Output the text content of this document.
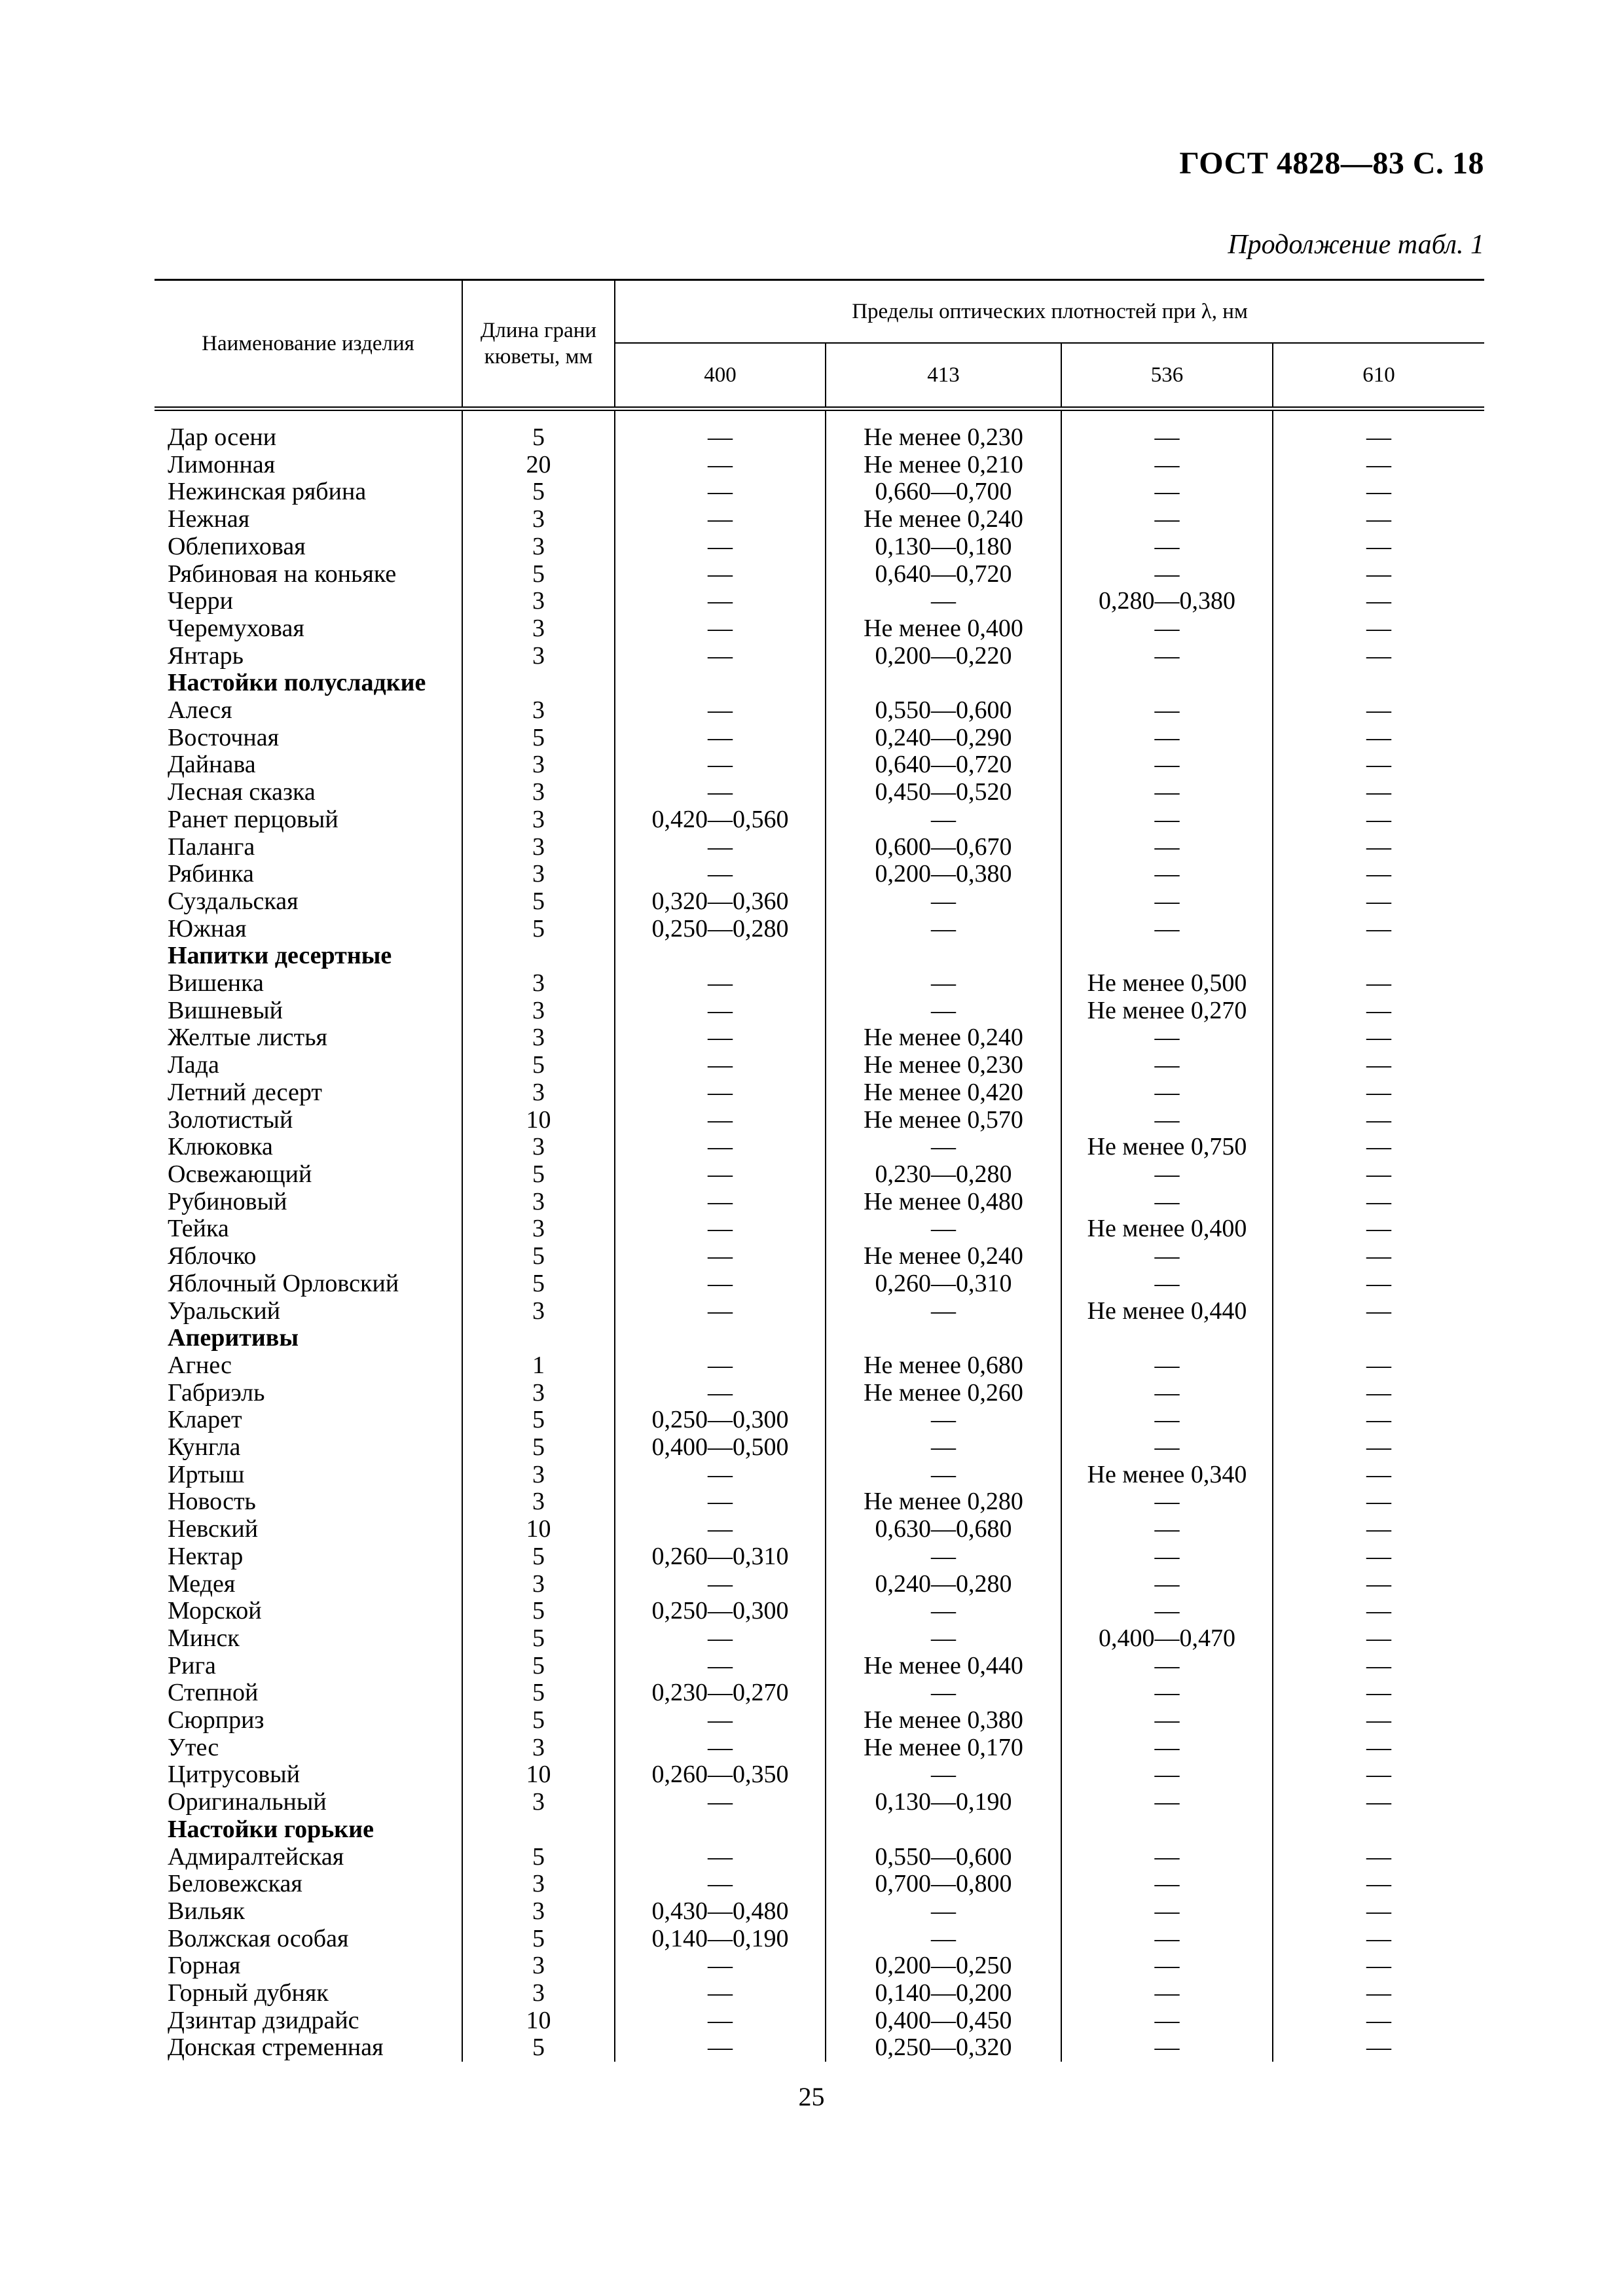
ГОСТ 4828—83 С. 18
Продолжение табл. 1
Наименование изделия	Длина грани кюветы, мм	Пределы оптических плотностей при λ, нм			
		400	413	536	610
Дар осени	5	—	Не менее 0,230	—	—
Лимонная	20	—	Не менее 0,210	—	—
Нежинская рябина	5	—	0,660—0,700	—	—
Нежная	3	—	Не менее 0,240	—	—
Облепиховая	3	—	0,130—0,180	—	—
Рябиновая на коньяке	5	—	0,640—0,720	—	—
Черри	3	—	—	0,280—0,380	—
Черемуховая	3	—	Не менее 0,400	—	—
Янтарь	3	—	0,200—0,220	—	—
Настойки полусладкие					
Алеся	3	—	0,550—0,600	—	—
Восточная	5	—	0,240—0,290	—	—
Дайнава	3	—	0,640—0,720	—	—
Лесная сказка	3	—	0,450—0,520	—	—
Ранет перцовый	3	0,420—0,560	—	—	—
Паланга	3	—	0,600—0,670	—	—
Рябинка	3	—	0,200—0,380	—	—
Суздальская	5	0,320—0,360	—	—	—
Южная	5	0,250—0,280	—	—	—
Напитки десертные					
Вишенка	3	—	—	Не менее 0,500	—
Вишневый	3	—	—	Не менее 0,270	—
Желтые листья	3	—	Не менее 0,240	—	—
Лада	5	—	Не менее 0,230	—	—
Летний десерт	3	—	Не менее 0,420	—	—
Золотистый	10	—	Не менее 0,570	—	—
Клюковка	3	—	—	Не менее 0,750	—
Освежающий	5	—	0,230—0,280	—	—
Рубиновый	3	—	Не менее 0,480	—	—
Тейка	3	—	—	Не менее 0,400	—
Яблочко	5	—	Не менее 0,240	—	—
Яблочный Орловский	5	—	0,260—0,310	—	—
Уральский	3	—	—	Не менее 0,440	—
Аперитивы					
Агнес	1	—	Не менее 0,680	—	—
Габриэль	3	—	Не менее 0,260	—	—
Кларет	5	0,250—0,300	—	—	—
Кунгла	5	0,400—0,500	—	—	—
Иртыш	3	—	—	Не менее 0,340	—
Новость	3	—	Не менее 0,280	—	—
Невский	10	—	0,630—0,680	—	—
Нектар	5	0,260—0,310	—	—	—
Медея	3	—	0,240—0,280	—	—
Морской	5	0,250—0,300	—	—	—
Минск	5	—	—	0,400—0,470	—
Рига	5	—	Не менее 0,440	—	—
Степной	5	0,230—0,270	—	—	—
Сюрприз	5	—	Не менее 0,380	—	—
Утес	3	—	Не менее 0,170	—	—
Цитрусовый	10	0,260—0,350	—	—	—
Оригинальный	3	—	0,130—0,190	—	—
Настойки горькие					
Адмиралтейская	5	—	0,550—0,600	—	—
Беловежская	3	—	0,700—0,800	—	—
Вильяк	3	0,430—0,480	—	—	—
Волжская особая	5	0,140—0,190	—	—	—
Горная	3	—	0,200—0,250	—	—
Горный дубняк	3	—	0,140—0,200	—	—
Дзинтар дзидрайс	10	—	0,400—0,450	—	—
Донская стременная	5	—	0,250—0,320	—	—
25
